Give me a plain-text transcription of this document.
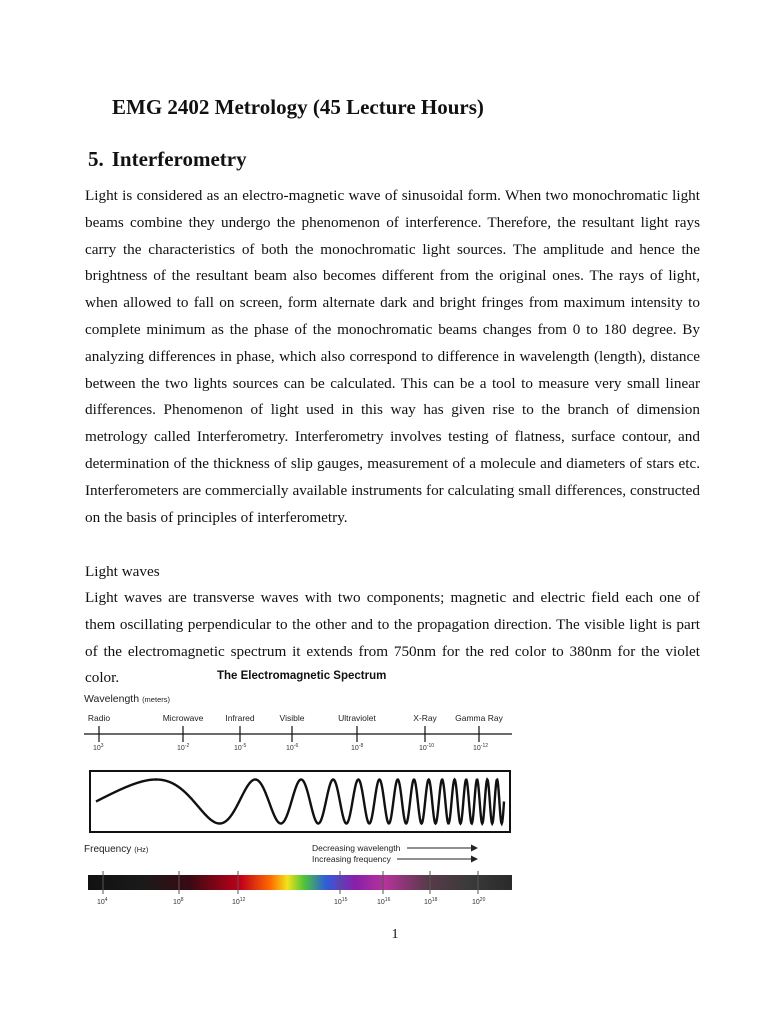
EMG 2402 Metrology (45 Lecture Hours)
5. Interferometry

Light is considered as an electro-magnetic wave of sinusoidal form. When two monochromatic light beams combine they undergo the phenomenon of interference. Therefore, the resultant light rays carry the characteristics of both the monochromatic light sources. The amplitude and hence the brightness of the resultant beam also becomes different from the original ones. The rays of light, when allowed to fall on screen, form alternate dark and bright fringes from maximum intensity to complete minimum as the phase of the monochromatic beams changes from 0 to 180 degree. By analyzing differences in phase, which also correspond to difference in wavelength (length), distance between the two lights sources can be calculated. This can be a tool to measure very small linear differences. Phenomenon of light used in this way has given rise to the branch of dimension metrology called Interferometry. Interferometry involves testing of flatness, surface contour, and determination of the thickness of slip gauges, measurement of a molecule and diameters of stars etc. Interferometers are commercially available instruments for calculating small differences, constructed on the basis of principles of interferometry.

Light waves

Light waves are transverse waves with two components; magnetic and electric field each one of them oscillating perpendicular to the other and to the propagation direction. The visible light is part of the electromagnetic spectrum it extends from 750nm for the red color to 380nm for the violet color.	The Electromagnetic Spectrum
Wavelength (meters)
Radio
$10^3$
Microwave
$10^{-2}$
Infrared
$10^{-5}$
Visible
$10^{-6}$
Ultraviolet
$10^{-8}$
X-Ray
$10^{-10}$
Gamma Ray
$10^{-12}$
Frequency (Hz)	Decreasing wavelength
Increasing frequency
$10^4$	$10^8$	$10^{12}$	$10^{15}$	$10^{16}$	$10^{18}$	$10^{20}$
1
